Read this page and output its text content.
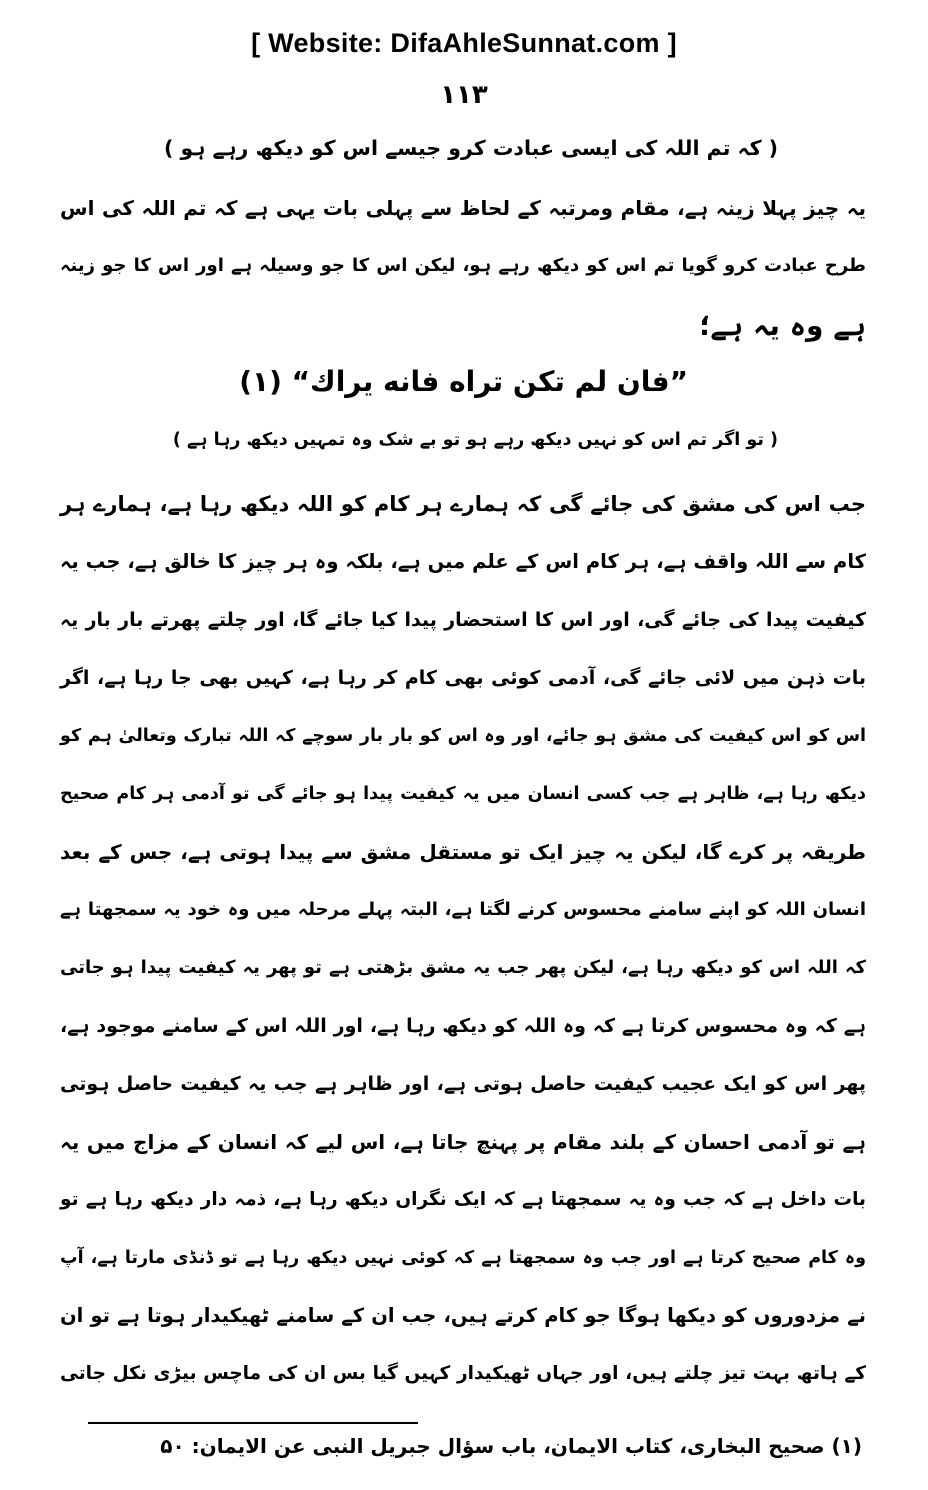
[ Website: DifaAhleSunnat.com ]
۱۱۳
( کہ تم اللہ کی ایسی عبادت کرو جیسے اس کو دیکھ رہے ہو )
یہ چیز پہلا زینہ ہے، مقام ومرتبہ کے لحاظ سے پہلی بات یہی ہے کہ تم اللہ کی اس
طرح عبادت کرو گویا تم اس کو دیکھ رہے ہو، لیکن اس کا جو وسیلہ ہے اور اس کا جو زینہ
ہے وہ یہ ہے؛
”فان لم تکن تراه فانه یراك“ (۱)
( تو اگر تم اس کو نہیں دیکھ رہے ہو تو بے شک وہ تمہیں دیکھ رہا ہے )
جب اس کی مشق کی جائے گی کہ ہمارے ہر کام کو اللہ دیکھ رہا ہے، ہمارے ہر
کام سے اللہ واقف ہے، ہر کام اس کے علم میں ہے، بلکہ وہ ہر چیز کا خالق ہے، جب یہ
کیفیت پیدا کی جائے گی، اور اس کا استحضار پیدا کیا جائے گا، اور چلتے پھرتے بار بار یہ
بات ذہن میں لائی جائے گی، آدمی کوئی بھی کام کر رہا ہے، کہیں بھی جا رہا ہے، اگر
اس کو اس کیفیت کی مشق ہو جائے، اور وہ اس کو بار بار سوچے کہ اللہ تبارک وتعالیٰ ہم کو
دیکھ رہا ہے، ظاہر ہے جب کسی انسان میں یہ کیفیت پیدا ہو جائے گی تو آدمی ہر کام صحیح
طریقہ پر کرے گا، لیکن یہ چیز ایک تو مستقل مشق سے پیدا ہوتی ہے، جس کے بعد
انسان اللہ کو اپنے سامنے محسوس کرنے لگتا ہے، البتہ پہلے مرحلہ میں وہ خود یہ سمجھتا ہے
کہ اللہ اس کو دیکھ رہا ہے، لیکن پھر جب یہ مشق بڑھتی ہے تو پھر یہ کیفیت پیدا ہو جاتی
ہے کہ وہ محسوس کرتا ہے کہ وہ اللہ کو دیکھ رہا ہے، اور اللہ اس کے سامنے موجود ہے،
پھر اس کو ایک عجیب کیفیت حاصل ہوتی ہے، اور ظاہر ہے جب یہ کیفیت حاصل ہوتی
ہے تو آدمی احسان کے بلند مقام پر پہنچ جاتا ہے، اس لیے کہ انسان کے مزاج میں یہ
بات داخل ہے کہ جب وہ یہ سمجھتا ہے کہ ایک نگراں دیکھ رہا ہے، ذمہ دار دیکھ رہا ہے تو
وہ کام صحیح کرتا ہے اور جب وہ سمجھتا ہے کہ کوئی نہیں دیکھ رہا ہے تو ڈنڈی مارتا ہے، آپ
نے مزدوروں کو دیکھا ہوگا جو کام کرتے ہیں، جب ان کے سامنے ٹھیکیدار ہوتا ہے تو ان
کے ہاتھ بہت تیز چلتے ہیں، اور جہاں ٹھیکیدار کہیں گیا بس ان کی ماچس بیڑی نکل جاتی
(۱) صحیح البخاری، کتاب الایمان، باب سؤال جبریل النبی عن الایمان: ۵۰
